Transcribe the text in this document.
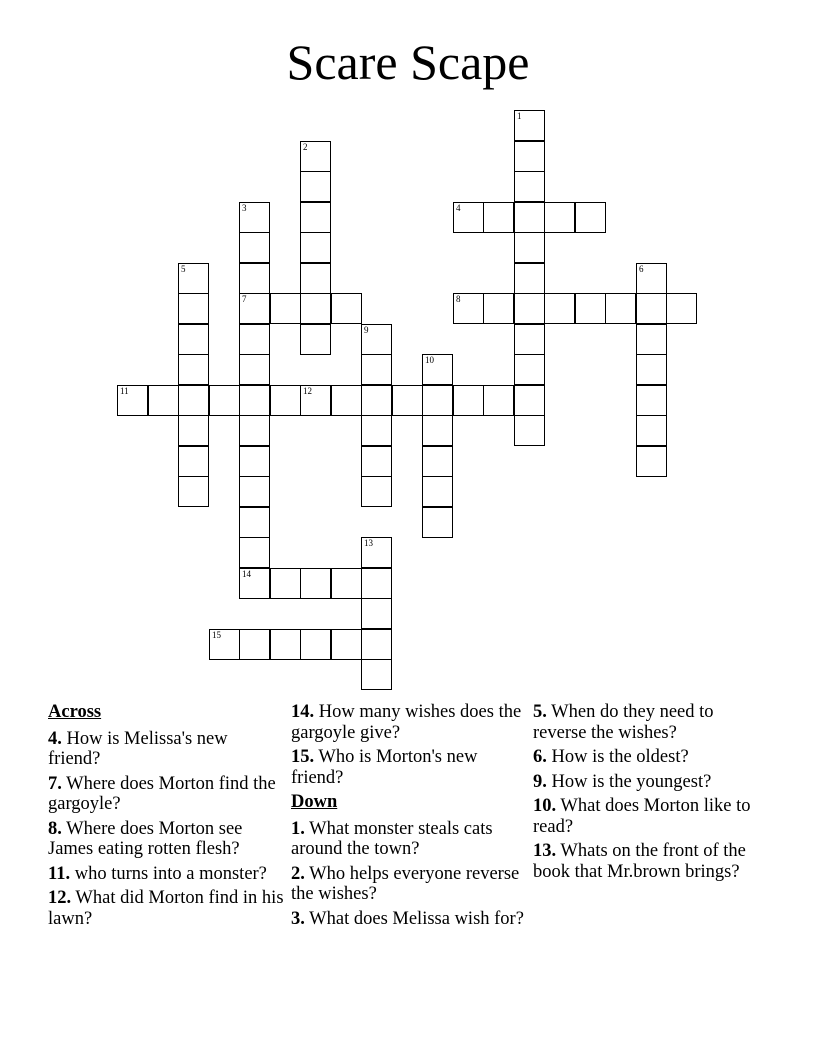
Scare Scape
1
2
3
7
14
4
5	6
8
9
10
11	12
13
15
Across
4. How is Melissa's new friend?
7. Where does Morton find the gargoyle?
8. Where does Morton see James eating rotten flesh?
11. who turns into a monster?
12. What did Morton find in his lawn?
14. How many wishes does the gargoyle give?
15. Who is Morton's new friend?
Down
1. What monster steals cats around the town?
2. Who helps everyone reverse the wishes?
3. What does Melissa wish for?
5. When do they need to reverse the wishes?
6. How is the oldest?
9. How is the youngest?
10. What does Morton like to read?
13. Whats on the front of the book that Mr.brown brings?
